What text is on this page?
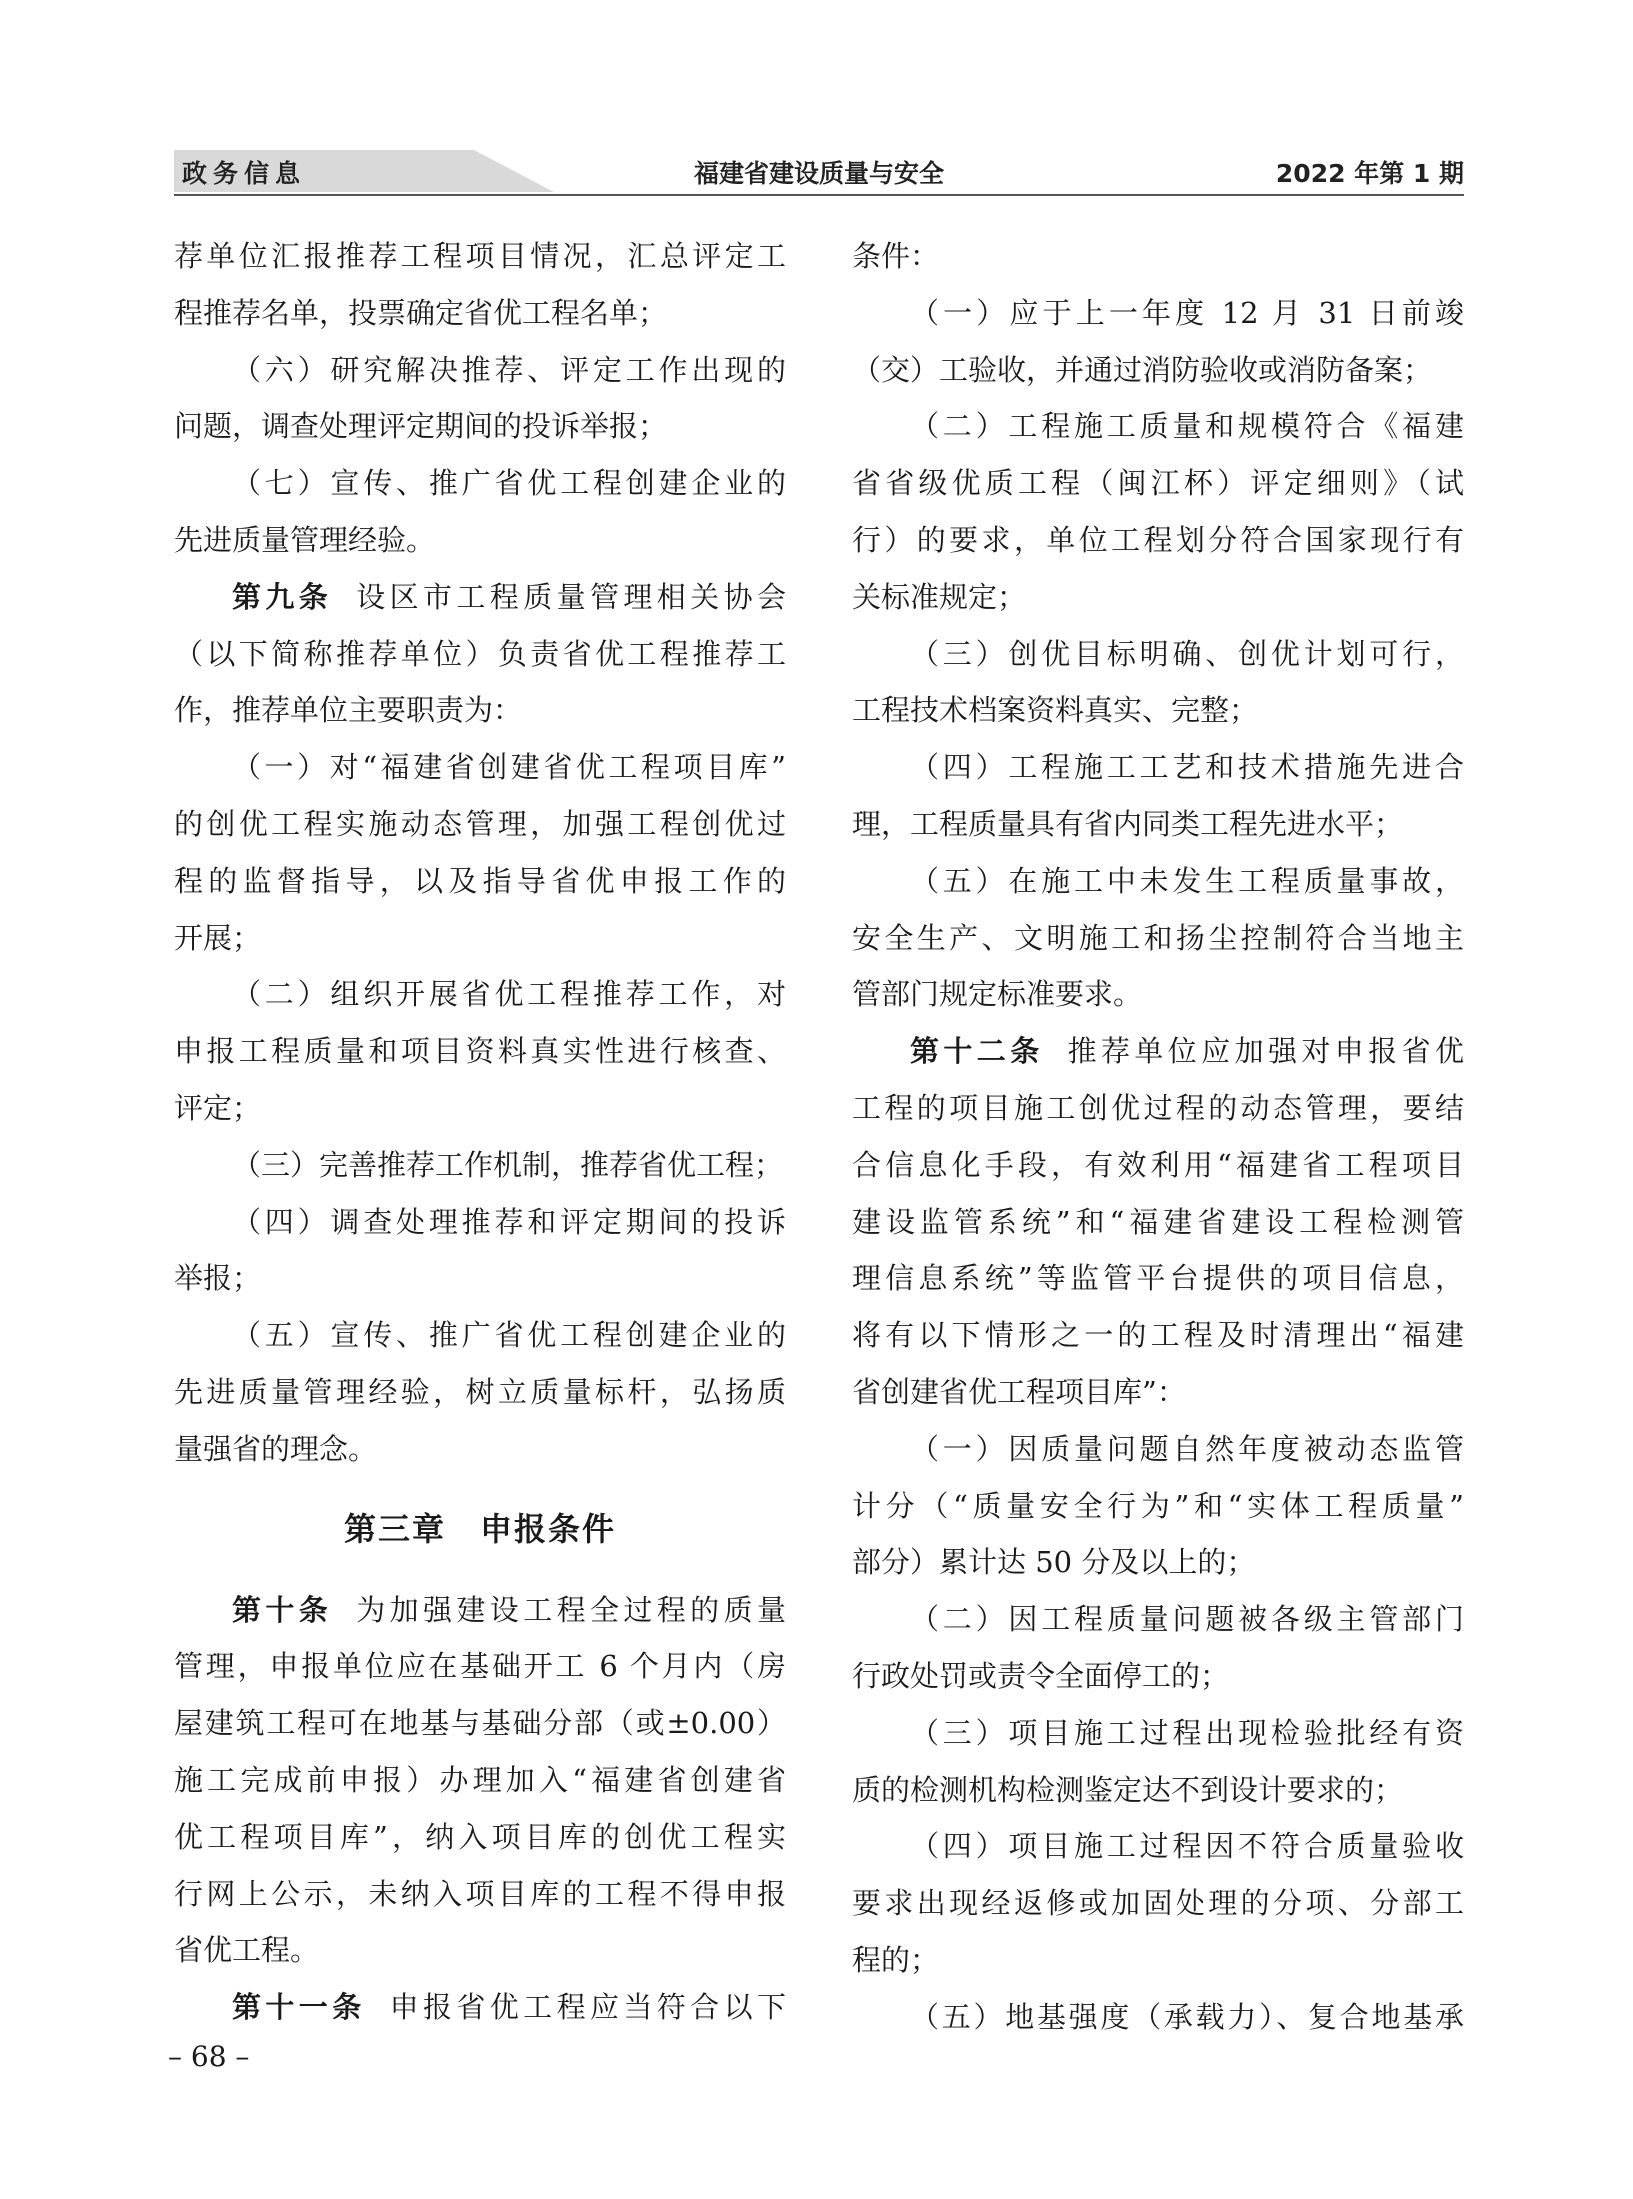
政务信息	福建省建设质量与安全	2022 年第 1 期

荐单位汇报推荐工程项目情况，汇总评定工
程推荐名单，投票确定省优工程名单；

（六）研究解决推荐、评定工作出现的
问题，调查处理评定期间的投诉举报；

（七）宣传、推广省优工程创建企业的
先进质量管理经验。

第九条 设区市工程质量管理相关协会
（以下简称推荐单位）负责省优工程推荐工
作，推荐单位主要职责为：

（一）对“福建省创建省优工程项目库”
的创优工程实施动态管理，加强工程创优过
程的监督指导，以及指导省优申报工作的
开展；

（二）组织开展省优工程推荐工作，对
申报工程质量和项目资料真实性进行核查、
评定；

（三）完善推荐工作机制，推荐省优工程；

（四）调查处理推荐和评定期间的投诉
举报；

（五）宣传、推广省优工程创建企业的
先进质量管理经验，树立质量标杆，弘扬质
量强省的理念。

第三章　申报条件

第十条 为加强建设工程全过程的质量
管理，申报单位应在基础开工 6 个月内（房
屋建筑工程可在地基与基础分部（或±0.00）
施工完成前申报）办理加入“福建省创建省
优工程项目库”，纳入项目库的创优工程实
行网上公示，未纳入项目库的工程不得申报
省优工程。

第十一条 申报省优工程应当符合以下

条件：

（一）应于上一年度 12 月 31 日前竣
（交）工验收，并通过消防验收或消防备案；

（二）工程施工质量和规模符合《福建
省省级优质工程（闽江杯）评定细则》（试
行）的要求，单位工程划分符合国家现行有
关标准规定；

（三）创优目标明确、创优计划可行，
工程技术档案资料真实、完整；

（四）工程施工工艺和技术措施先进合
理，工程质量具有省内同类工程先进水平；

（五）在施工中未发生工程质量事故，
安全生产、文明施工和扬尘控制符合当地主
管部门规定标准要求。

第十二条 推荐单位应加强对申报省优
工程的项目施工创优过程的动态管理，要结
合信息化手段，有效利用“福建省工程项目
建设监管系统”和“福建省建设工程检测管
理信息系统”等监管平台提供的项目信息，
将有以下情形之一的工程及时清理出“福建
省创建省优工程项目库”：

（一）因质量问题自然年度被动态监管
计分（“质量安全行为”和“实体工程质量”
部分）累计达 50 分及以上的；

（二）因工程质量问题被各级主管部门
行政处罚或责令全面停工的；

（三）项目施工过程出现检验批经有资
质的检测机构检测鉴定达不到设计要求的；

（四）项目施工过程因不符合质量验收
要求出现经返修或加固处理的分项、分部工
程的；

（五）地基强度（承载力）、复合地基承

– 68 –
